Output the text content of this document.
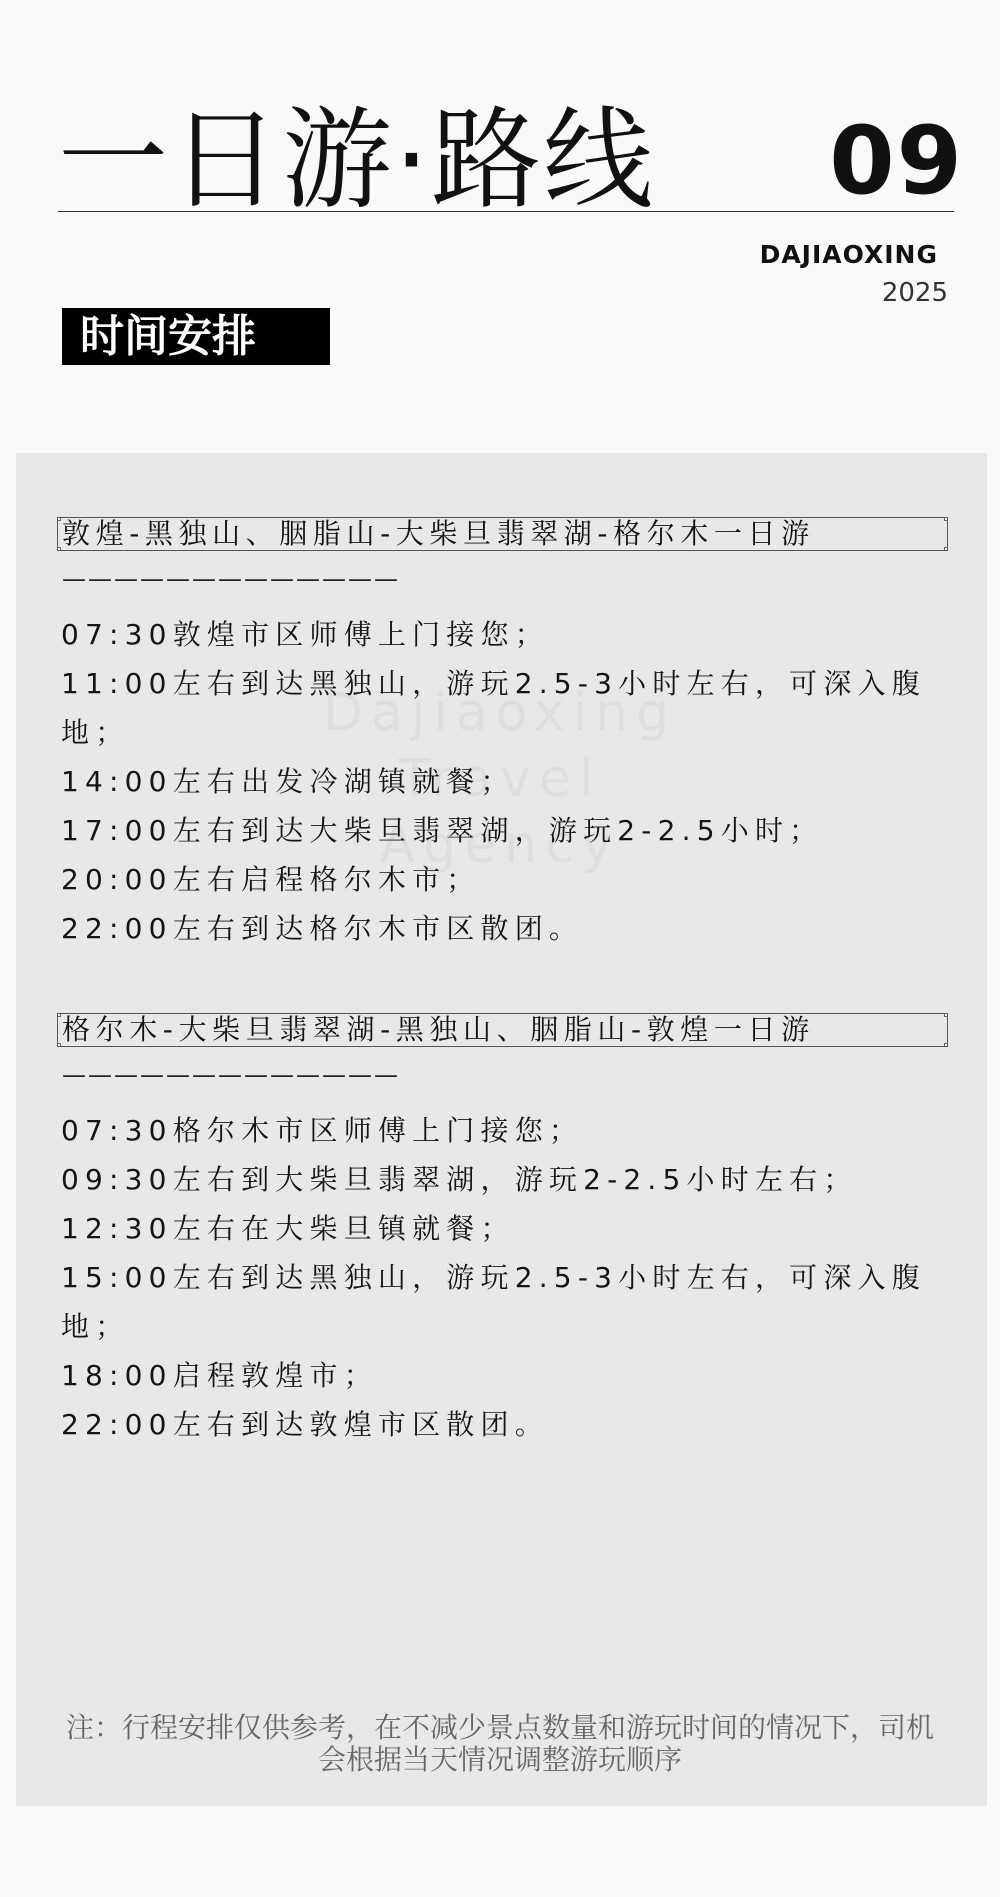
一日游·路线 09
DAJIAOXING
2025
时间安排
敦煌-黑独山、胭脂山-大柴旦翡翠湖-格尔木一日游
—————————————
07:30敦煌市区师傅上门接您；
11:00左右到达黑独山，游玩2.5-3小时左右，可深入腹地；
14:00左右出发冷湖镇就餐；
17:00左右到达大柴旦翡翠湖，游玩2-2.5小时；
20:00左右启程格尔木市；
22:00左右到达格尔木市区散团。
格尔木-大柴旦翡翠湖-黑独山、胭脂山-敦煌一日游
—————————————
07:30格尔木市区师傅上门接您；
09:30左右到大柴旦翡翠湖，游玩2-2.5小时左右；
12:30左右在大柴旦镇就餐；
15:00左右到达黑独山，游玩2.5-3小时左右，可深入腹地；
18:00启程敦煌市；
22:00左右到达敦煌市区散团。
注：行程安排仅供参考，在不减少景点数量和游玩时间的情况下，司机会根据当天情况调整游玩顺序
